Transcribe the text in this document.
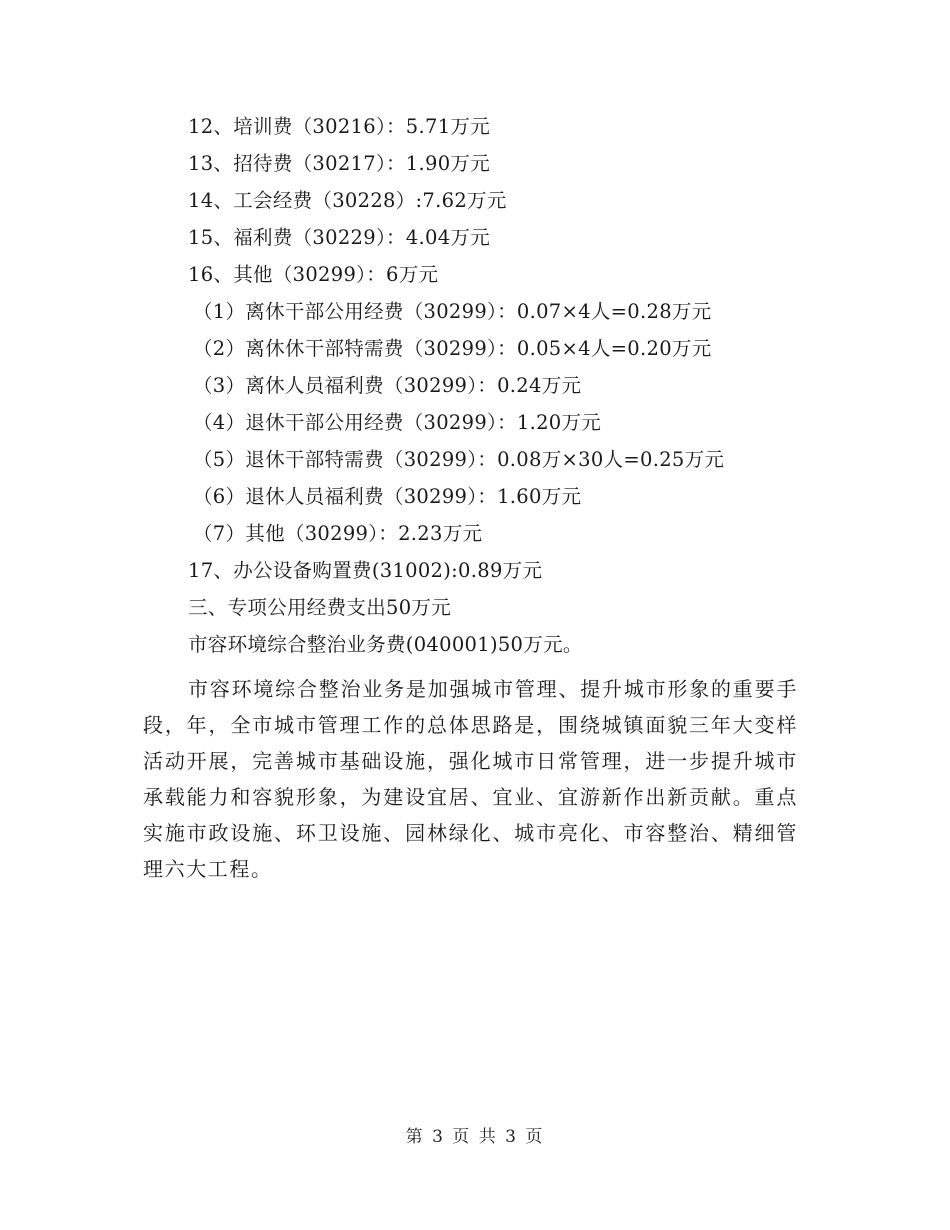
12、培训费（30216）：5.71万元
13、招待费（30217）：1.90万元
14、工会经费（30228）:7.62万元
15、福利费（30229）：4.04万元
16、其他（30299）：6万元
（1）离休干部公用经费（30299）：0.07×4人=0.28万元
（2）离休休干部特需费（30299）：0.05×4人=0.20万元
（3）离休人员福利费（30299）：0.24万元
（4）退休干部公用经费（30299）：1.20万元
（5）退休干部特需费（30299）：0.08万×30人=0.25万元
（6）退休人员福利费（30299）：1.60万元
（7）其他（30299）：2.23万元
17、办公设备购置费(31002):0.89万元
三、专项公用经费支出50万元
市容环境综合整治业务费(040001)50万元。

市容环境综合整治业务是加强城市管理、提升城市形象的重要手段，年，全市城市管理工作的总体思路是，围绕城镇面貌三年大变样活动开展，完善城市基础设施，强化城市日常管理，进一步提升城市承载能力和容貌形象，为建设宜居、宜业、宜游新作出新贡献。重点实施市政设施、环卫设施、园林绿化、城市亮化、市容整治、精细管理六大工程。

第 3 页 共 3 页
